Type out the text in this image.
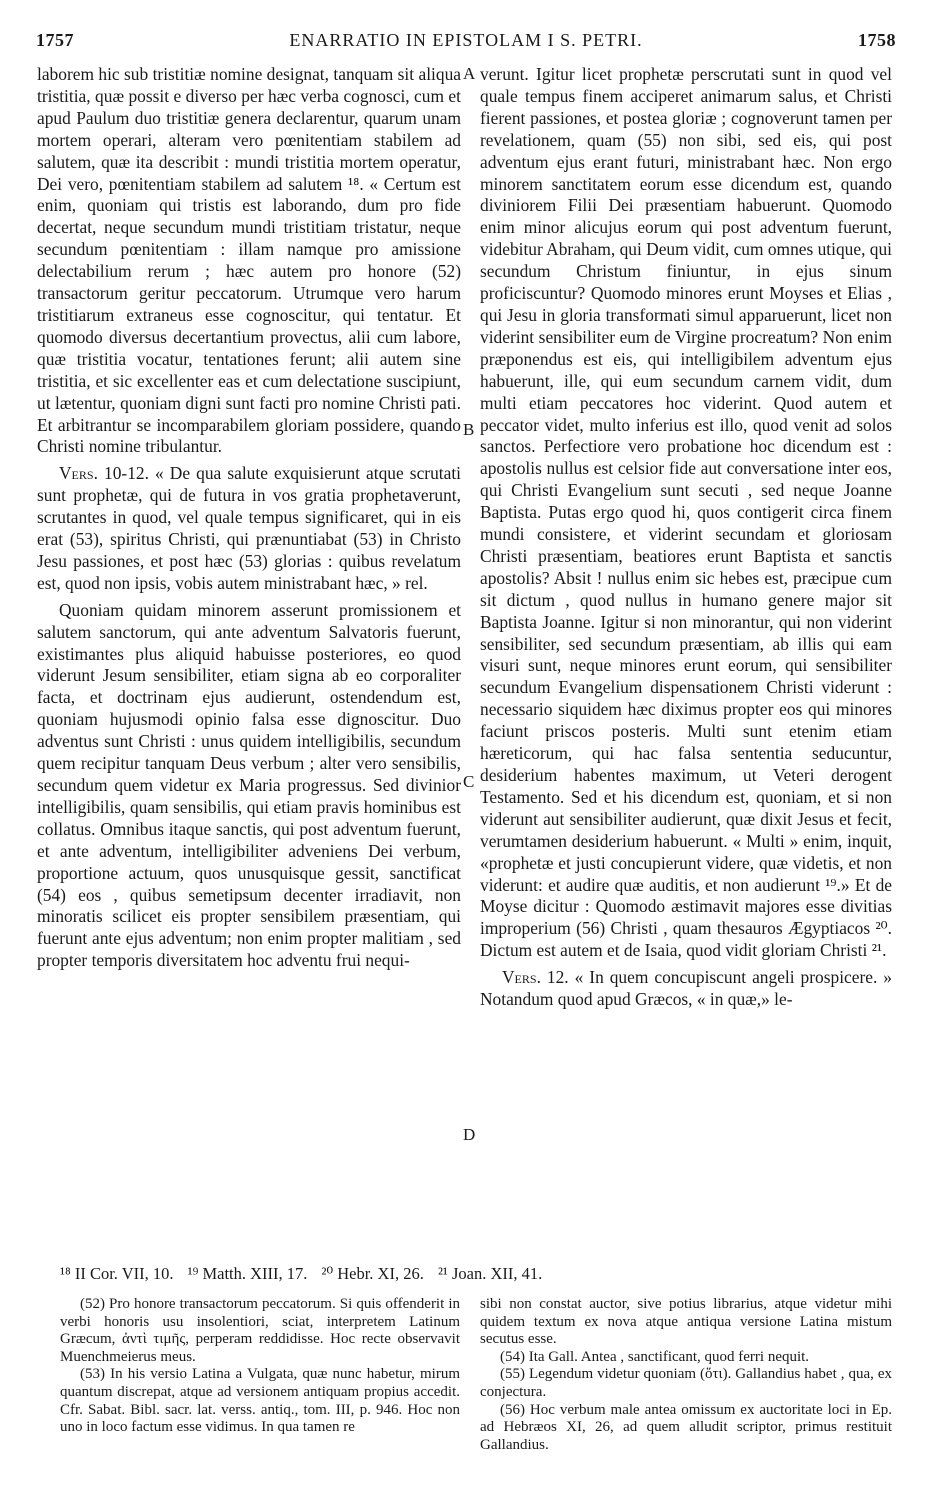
ENARRATIO IN EPISTOLAM I S. PETRI.
1757	1758
A
B
C
D

laborem hic sub tristitiæ nomine designat, tanquam sit aliqua tristitia, quæ possit e diverso per hæc verba cognosci, cum et apud Paulum duo tristitiæ genera declarentur, quarum unam mortem operari, alteram vero pœnitentiam stabilem ad salutem, quæ ita describit : mundi tristitia mortem operatur, Dei vero, pœnitentiam stabilem ad salutem ¹⁸. « Certum est enim, quoniam qui tristis est laborando, dum pro fide decertat, neque secundum mundi tristitiam tristatur, neque secundum pœnitentiam : illam namque pro amissione delectabilium rerum ; hæc autem pro honore (52) transactorum geritur peccatorum. Utrumque vero harum tristitiarum extraneus esse cognoscitur, qui tentatur. Et quomodo diversus decertantium provectus, alii cum labore, quæ tristitia vocatur, tentationes ferunt; alii autem sine tristitia, et sic excellenter eas et cum delectatione suscipiunt, ut lætentur, quoniam digni sunt facti pro nomine Christi pati. Et arbitrantur se incomparabilem gloriam possidere, quando Christi nomine tribulantur.

Vers. 10-12. « De qua salute exquisierunt atque scrutati sunt prophetæ, qui de futura in vos gratia prophetaverunt, scrutantes in quod, vel quale tempus significaret, qui in eis erat (53), spiritus Christi, qui prænuntiabat (53) in Christo Jesu passiones, et post hæc (53) glorias : quibus revelatum est, quod non ipsis, vobis autem ministrabant hæc, » rel.

Quoniam quidam minorem asserunt promissionem et salutem sanctorum, qui ante adventum Salvatoris fuerunt, existimantes plus aliquid habuisse posteriores, eo quod viderunt Jesum sensibiliter, etiam signa ab eo corporaliter facta, et doctrinam ejus audierunt, ostendendum est, quoniam hujusmodi opinio falsa esse dignoscitur. Duo adventus sunt Christi : unus quidem intelligibilis, secundum quem recipitur tanquam Deus verbum ; alter vero sensibilis, secundum quem videtur ex Maria progressus. Sed divinior intelligibilis, quam sensibilis, qui etiam pravis hominibus est collatus. Omnibus itaque sanctis, qui post adventum fuerunt, et ante adventum, intelligibiliter adveniens Dei verbum, proportione actuum, quos unusquisque gessit, sanctificat (54) eos , quibus semetipsum decenter irradiavit, non minoratis scilicet eis propter sensibilem præsentiam, qui fuerunt ante ejus adventum; non enim propter malitiam , sed propter temporis diversitatem hoc adventu frui nequi-

verunt. Igitur licet prophetæ perscrutati sunt in quod vel quale tempus finem acciperet animarum salus, et Christi fierent passiones, et postea gloriæ ; cognoverunt tamen per revelationem, quam (55) non sibi, sed eis, qui post adventum ejus erant futuri, ministrabant hæc. Non ergo minorem sanctitatem eorum esse dicendum est, quando diviniorem Filii Dei præsentiam habuerunt. Quomodo enim minor alicujus eorum qui post adventum fuerunt, videbitur Abraham, qui Deum vidit, cum omnes utique, qui secundum Christum finiuntur, in ejus sinum proficiscuntur? Quomodo minores erunt Moyses et Elias , qui Jesu in gloria transformati simul apparuerunt, licet non viderint sensibiliter eum de Virgine procreatum? Non enim præponendus est eis, qui intelligibilem adventum ejus habuerunt, ille, qui eum secundum carnem vidit, dum multi etiam peccatores hoc viderint. Quod autem et peccator videt, multo inferius est illo, quod venit ad solos sanctos. Perfectiore vero probatione hoc dicendum est : apostolis nullus est celsior fide aut conversatione inter eos, qui Christi Evangelium sunt secuti , sed neque Joanne Baptista. Putas ergo quod hi, quos contigerit circa finem mundi consistere, et viderint secundam et gloriosam Christi præsentiam, beatiores erunt Baptista et sanctis apostolis? Absit ! nullus enim sic hebes est, præcipue cum sit dictum , quod nullus in humano genere major sit Baptista Joanne. Igitur si non minorantur, qui non viderint sensibiliter, sed secundum præsentiam, ab illis qui eam visuri sunt, neque minores erunt eorum, qui sensibiliter secundum Evangelium dispensationem Christi viderunt : necessario siquidem hæc diximus propter eos qui minores faciunt priscos posteris. Multi sunt etenim etiam hæreticorum, qui hac falsa sententia seducuntur, desiderium habentes maximum, ut Veteri derogent Testamento. Sed et his dicendum est, quoniam, et si non viderunt aut sensibiliter audierunt, quæ dixit Jesus et fecit, verumtamen desiderium habuerunt. « Multi » enim, inquit, «prophetæ et justi concupierunt videre, quæ videtis, et non viderunt: et audire quæ auditis, et non audierunt ¹⁹.» Et de Moyse dicitur : Quomodo æstimavit majores esse divitias improperium (56) Christi , quam thesauros Ægyptiacos ²⁰. Dictum est autem et de Isaia, quod vidit gloriam Christi ²¹.

Vers. 12. « In quem concupiscunt angeli prospicere. » Notandum quod apud Græcos, « in quæ,» le-

¹⁸ II Cor. VII, 10. ¹⁹ Matth. XIII, 17. ²⁰ Hebr. XI, 26. ²¹ Joan. XII, 41.

(52) Pro honore transactorum peccatorum. Si quis offenderit in verbi honoris usu insolentiori, sciat, interpretem Latinum Græcum, ἀντὶ τιμῆς, perperam reddidisse. Hoc recte observavit Muenchmeierus meus.

(53) In his versio Latina a Vulgata, quæ nunc habetur, mirum quantum discrepat, atque ad versionem antiquam propius accedit. Cfr. Sabat. Bibl. sacr. lat. verss. antiq., tom. III, p. 946. Hoc non uno in loco factum esse vidimus. In qua tamen re

sibi non constat auctor, sive potius librarius, atque videtur mihi quidem textum ex nova atque antiqua versione Latina mistum secutus esse.

(54) Ita Gall. Antea , sanctificant, quod ferri nequit.

(55) Legendum videtur quoniam (ὅτι). Gallandius habet , qua, ex conjectura.

(56) Hoc verbum male antea omissum ex auctoritate loci in Ep. ad Hebræos XI, 26, ad quem alludit scriptor, primus restituit Gallandius.
